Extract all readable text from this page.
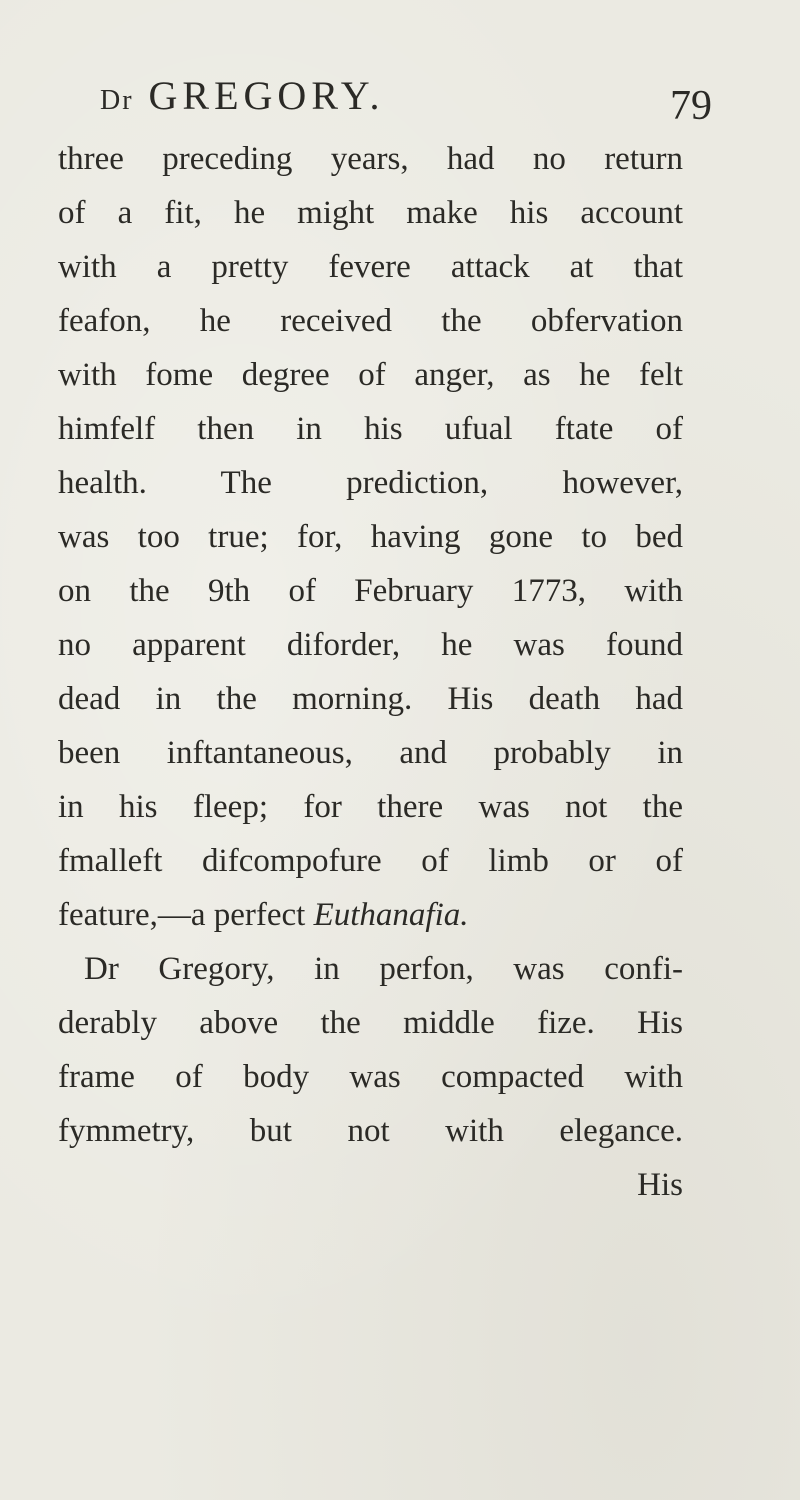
Dr GREGORY.	79
three preceding years, had no return
of a fit, he might make his account
with a pretty fevere attack at that
feafon, he received the obfervation
with fome degree of anger, as he felt
himfelf then in his ufual ftate of
health. The prediction, however,
was too true; for, having gone to bed
on the 9th of February 1773, with
no apparent diforder, he was found
dead in the morning. His death had
been inftantaneous, and probably in
in his fleep; for there was not the
fmalleft difcompofure of limb or of
feature,—a perfect Euthanafia.
Dr Gregory, in perfon, was confi-
derably above the middle fize. His
frame of body was compacted with
fymmetry, but not with elegance.
His
